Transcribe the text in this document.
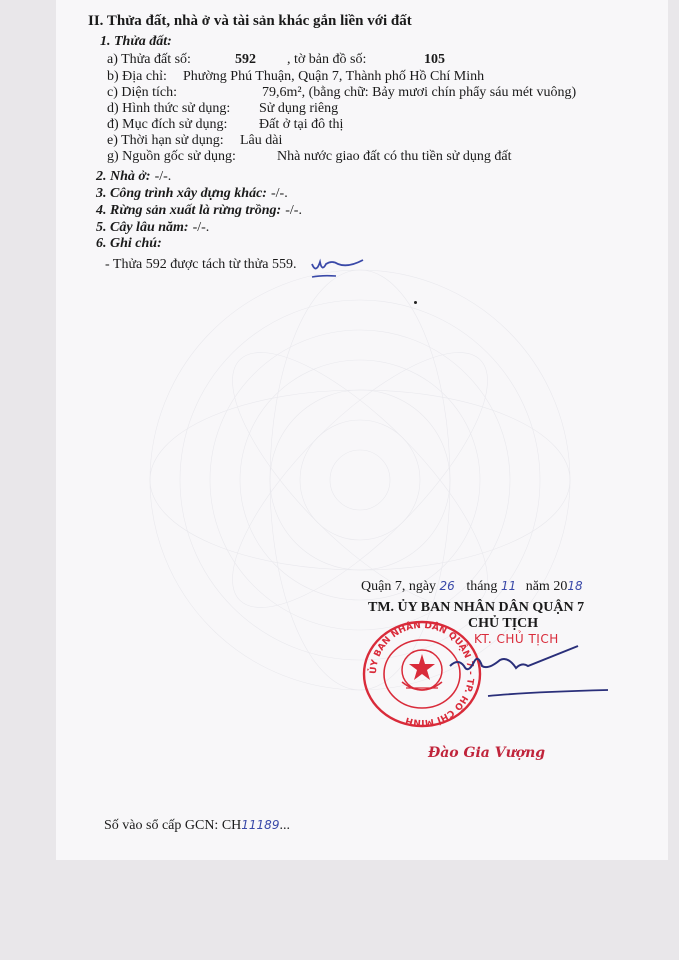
II. Thửa đất, nhà ở và tài sản khác gắn liền với đất
1. Thửa đất:
a) Thửa đất số:	592 , tờ bản đồ số:	105
b) Địa chỉ: Phường Phú Thuận, Quận 7, Thành phố Hồ Chí Minh
c) Diện tích:	79,6m², (bằng chữ: Bảy mươi chín phẩy sáu mét vuông)
d) Hình thức sử dụng: Sử dụng riêng
đ) Mục đích sử dụng: Đất ở tại đô thị
e) Thời hạn sử dụng: Lâu dài
g) Nguồn gốc sử dụng:	Nhà nước giao đất có thu tiền sử dụng đất
2. Nhà ở: -/-.
3. Công trình xây dựng khác: -/-.
4. Rừng sản xuất là rừng trồng: -/-.
5. Cây lâu năm: -/-.
6. Ghi chú:
- Thửa 592 được tách từ thửa 559.
Quận 7, ngày 26 tháng 11 năm 2018
TM. ỦY BAN NHÂN DÂN QUẬN 7
CHỦ TỊCH
KT. CHỦ TỊCH
ỦY BAN NHÂN DÂN QUẬN 7 - TP. HỒ CHÍ MINH
Đào Gia Vượng
Số vào sổ cấp GCN: CH11189...
